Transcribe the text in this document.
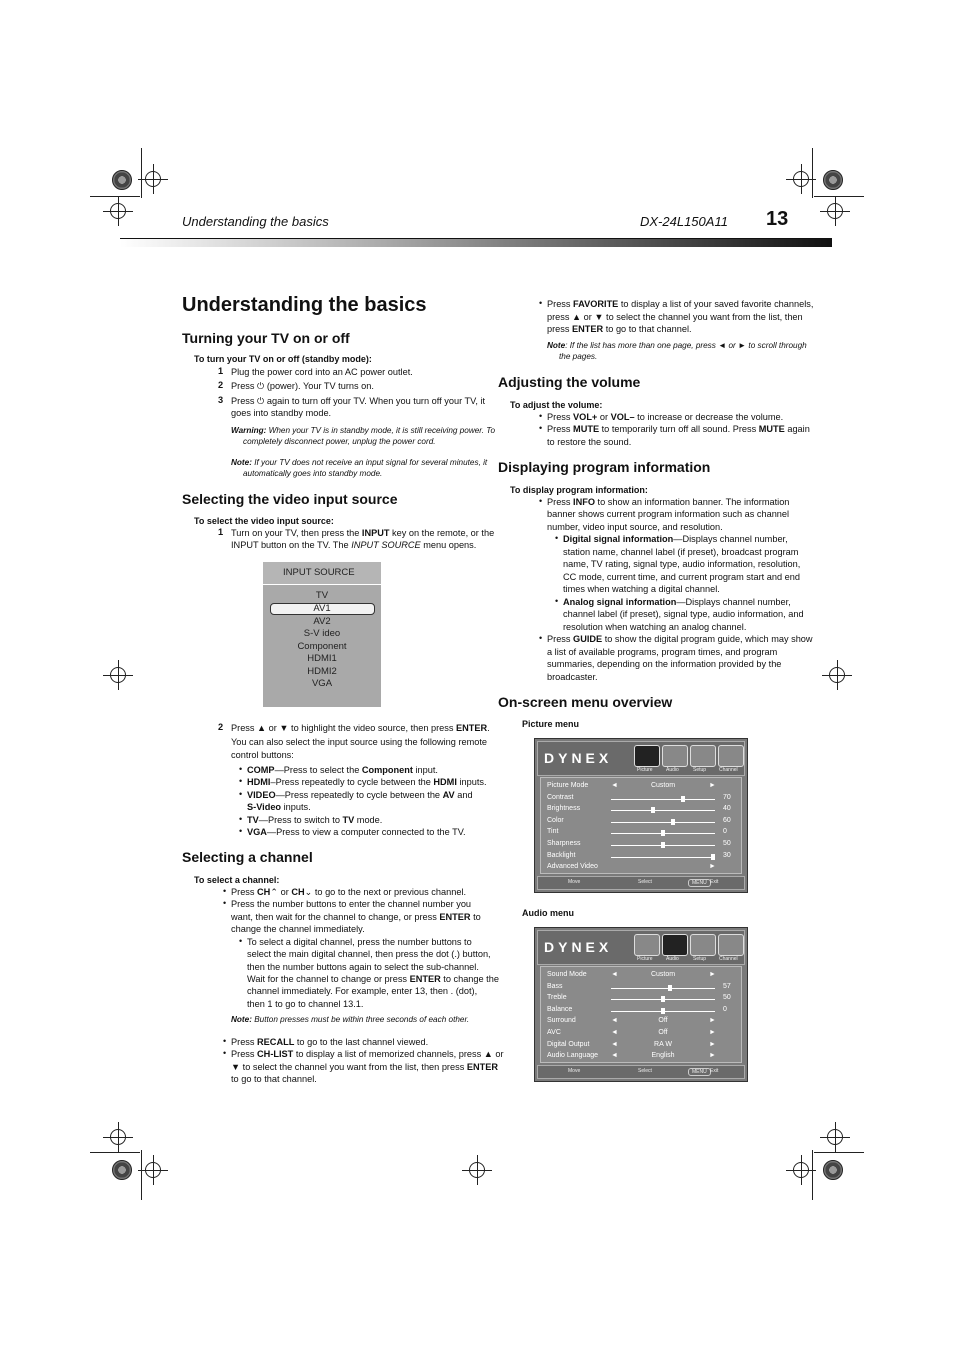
Understanding the basics	DX-24L150A11 13
Understanding the basics
Turning your TV on or off
To turn your TV on or off (standby mode):
1 Plug the power cord into an AC power outlet.
2 Press ⏻ (power). Your TV turns on.
3 Press ⏻ again to turn off your TV. When you turn off your TV, it
goes into standby mode.
Warning: When your TV is in standby mode, it is still receiving power. To
completely disconnect power, unplug the power cord.
Note: If your TV does not receive an input signal for several minutes, it
automatically goes into standby mode.
Selecting the video input source
To select the video input source:
1 Turn on your TV, then press the INPUT key on the remote, or the
INPUT button on the TV. The INPUT SOURCE menu opens.
INPUT SOURCE
TV
AV1
AV2
S-V ideo
Component
HDMI1
HDMI2
VGA
2 Press ▲ or ▼ to highlight the video source, then press ENTER.
You can also select the input source using the following remote
control buttons:
• COMP—Press to select the Component input.
• HDMI–Press repeatedly to cycle between the HDMI inputs.
• VIDEO—Press repeatedly to cycle between the AV and
S-Video inputs.
• TV—Press to switch to TV mode.
• VGA—Press to view a computer connected to the TV.
Selecting a channel
To select a channel:
• Press CH⌃ or CH⌄ to go to the next or previous channel.
• Press the number buttons to enter the channel number you
want, then wait for the channel to change, or press ENTER to
change the channel immediately.
• To select a digital channel, press the number buttons to
select the main digital channel, then press the dot (.) button,
then the number buttons again to select the sub-channel.
Wait for the channel to change or press ENTER to change the
channel immediately. For example, enter 13, then . (dot),
then 1 to go to channel 13.1.
Note: Button presses must be within three seconds of each other.
• Press RECALL to go to the last channel viewed.
• Press CH-LIST to display a list of memorized channels, press ▲ or
▼ to select the channel you want from the list, then press ENTER
to go to that channel.
• Press FAVORITE to display a list of your saved favorite channels,
press ▲ or ▼ to select the channel you want from the list, then
press ENTER to go to that channel.
Note: If the list has more than one page, press ◄ or ► to scroll through
the pages.
Adjusting the volume
To adjust the volume:
• Press VOL+ or VOL– to increase or decrease the volume.
• Press MUTE to temporarily turn off all sound. Press MUTE again
to restore the sound.
Displaying program information
To display program information:
• Press INFO to show an information banner. The information
banner shows current program information such as channel
number, video input source, and resolution.
• Digital signal information—Displays channel number,
station name, channel label (if preset), broadcast program
name, TV rating, signal type, audio information, resolution,
CC mode, current time, and current program start and end
times when watching a digital channel.
• Analog signal information—Displays channel number,
channel label (if preset), signal type, audio information, and
resolution when watching an analog channel.
• Press GUIDE to show the digital program guide, which may show
a list of available programs, program times, and program
summaries, depending on the information provided by the
broadcaster.
On-screen menu overview
Picture menu
DYNEX
Picture	Audio	Setup	Channel
Picture Mode	◄	Custom	►
Contrast	70
Brightness	40
Color	60
Tint	0
Sharpness	50
Backlight	30
Advanced Video	►
Move	Select	MENU Exit
Audio menu
DYNEX
Picture	Audio	Setup	Channel
Sound Mode	◄	Custom	►
Bass	57
Treble	50
Balance	0
Surround	◄	Off	►
AVC	◄	Off	►
Digital Output	◄	RA W	►
Audio Language ◄	English	►
Move	Select	MENU Exit
